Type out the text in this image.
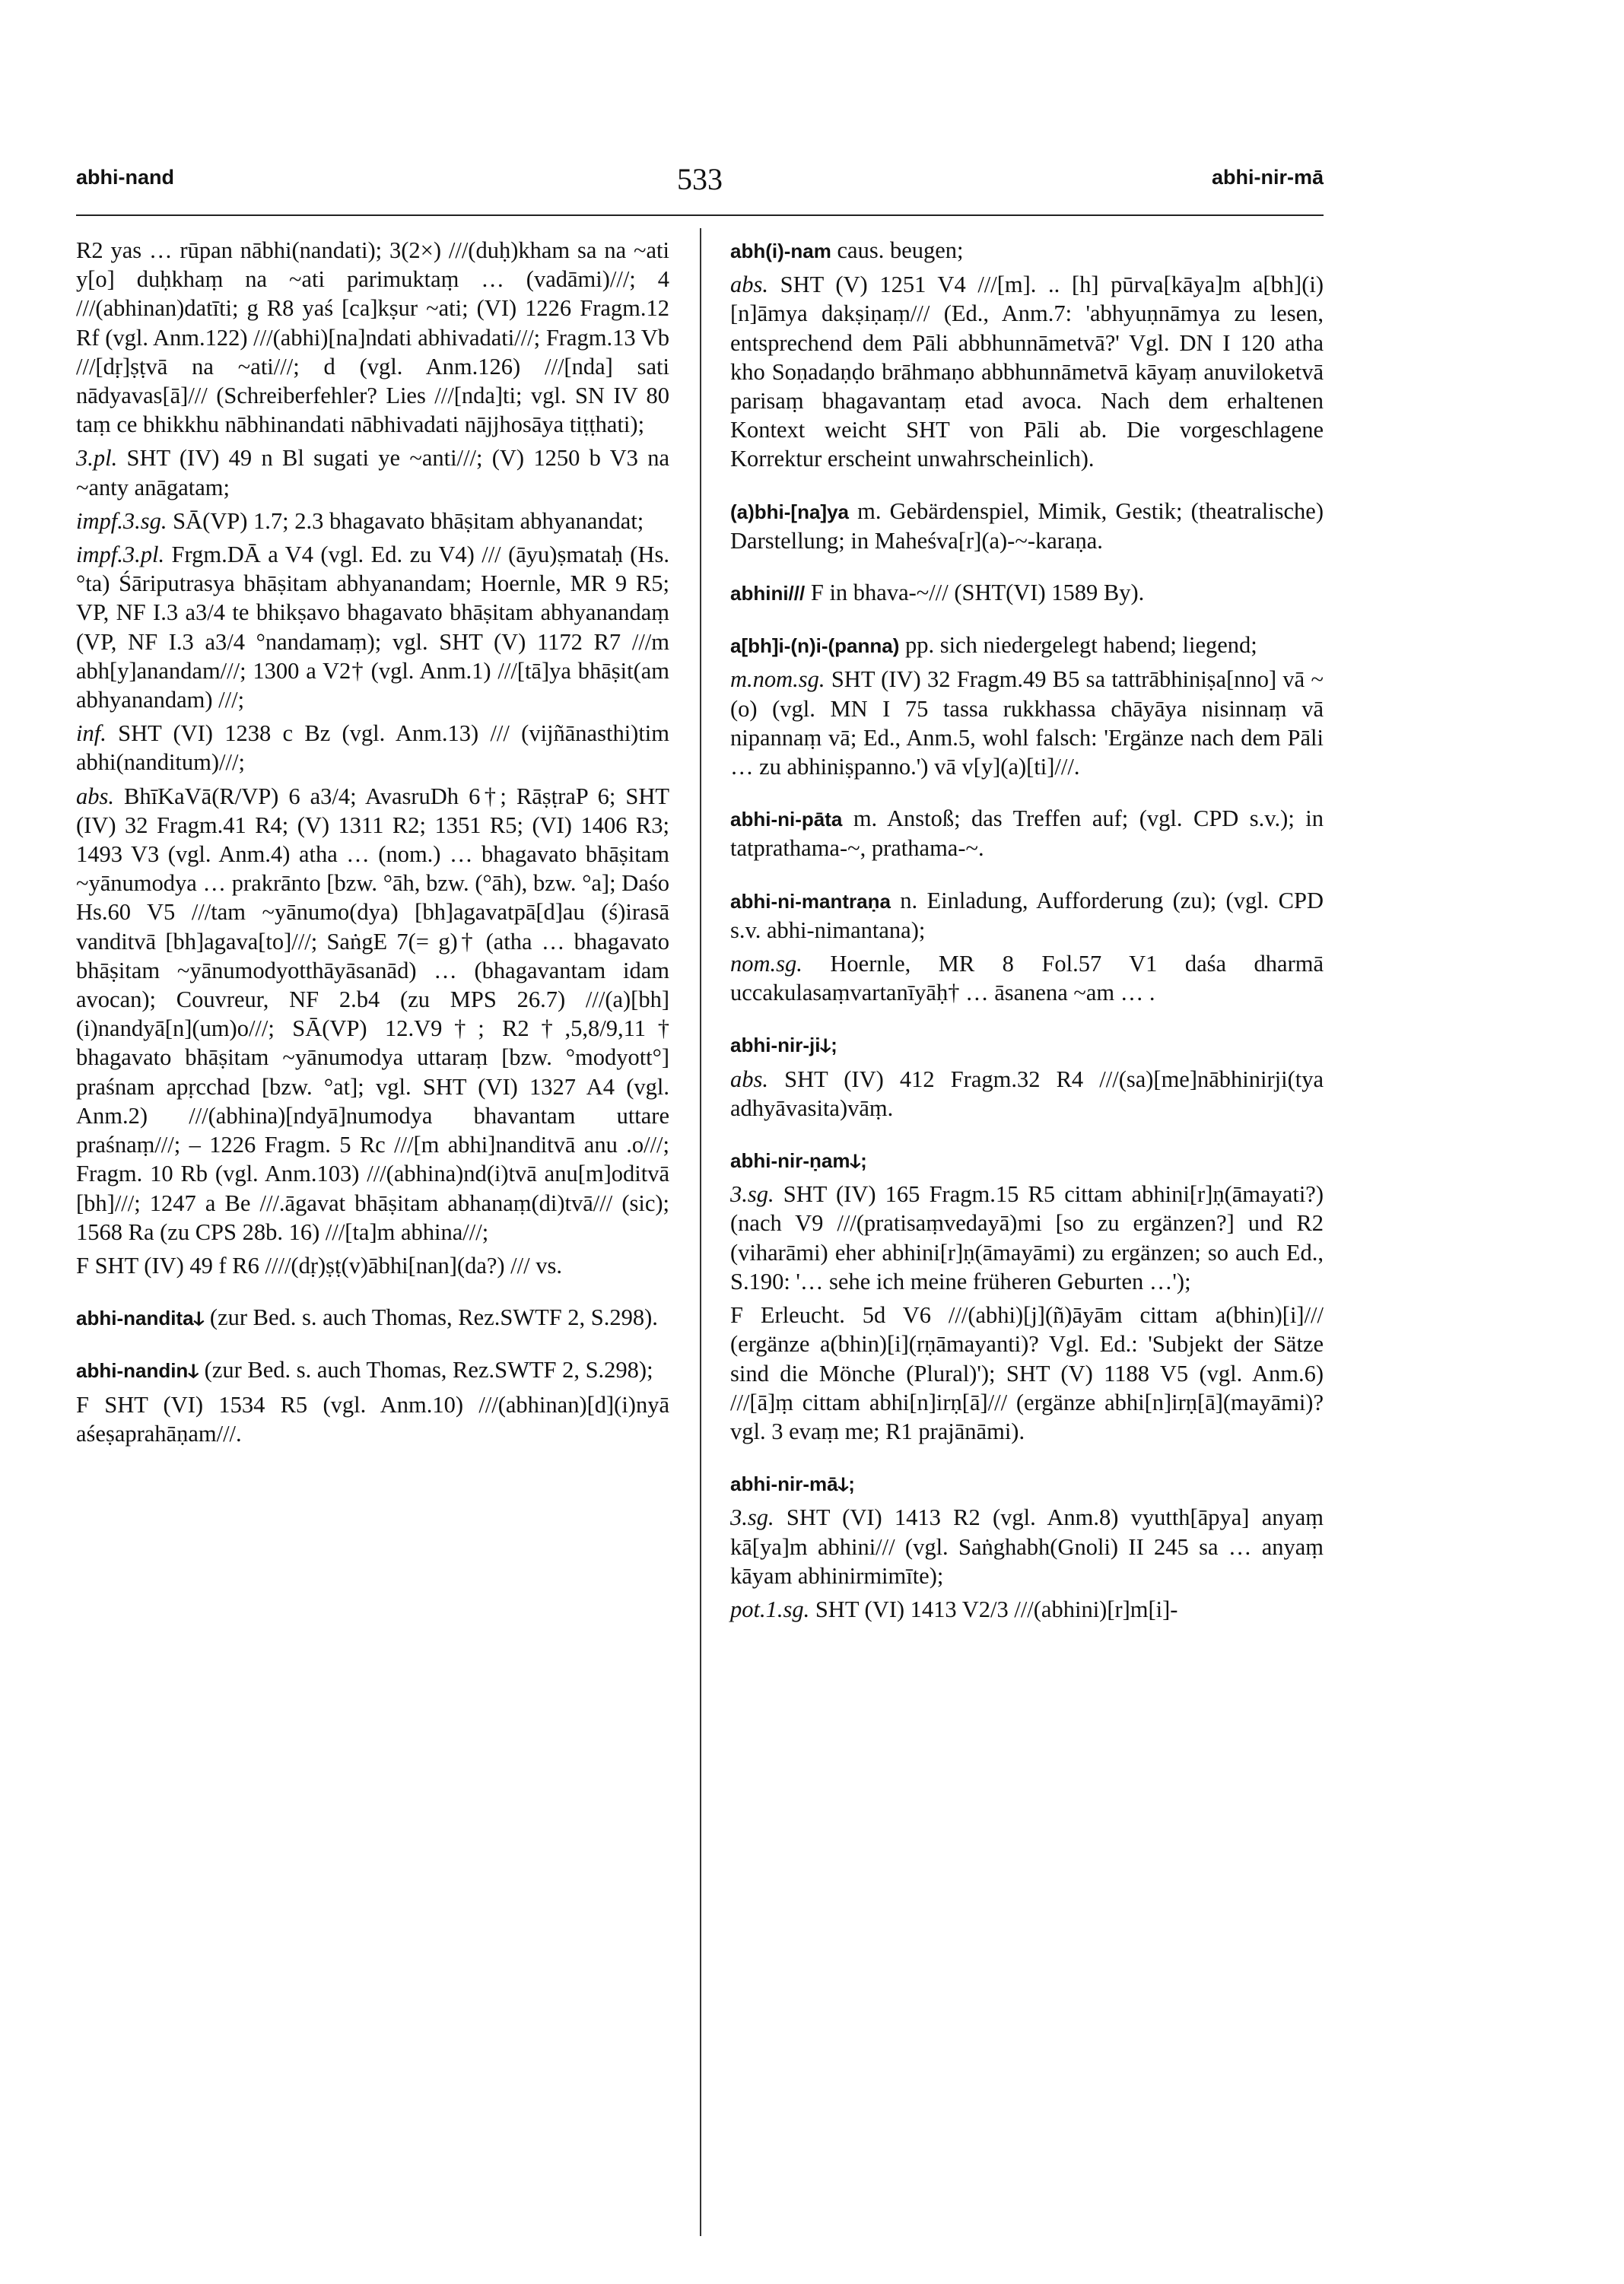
abhi-nand	533	abhi-nir-mā

R2 yas … rūpan nābhi(nandati); 3(2×) ///(duḥ)kham sa na ~ati y[o] duḥkhaṃ na ~ati parimuktaṃ … (vadāmi)///; 4 ///(abhinan)datīti; g R8 yaś [ca]kṣur ~ati; (VI) 1226 Fragm.12 Rf (vgl. Anm.122) ///(abhi)[na]ndati abhivadati///; Fragm.13 Vb ///[dṛ]ṣṭvā na ~ati///; d (vgl. Anm.126) ///[nda] sati nādyavas[ā]/// (Schreiberfehler? Lies ///[nda]ti; vgl. SN IV 80 taṃ ce bhikkhu nābhinandati nābhivadati nājjhosāya tiṭṭhati);

3.pl. SHT (IV) 49 n Bl sugati ye ~anti///; (V) 1250 b V3 na ~anty anāgatam;

impf.3.sg. SĀ(VP) 1.7; 2.3 bhagavato bhāṣitam abhyanandat;

impf.3.pl. Frgm.DĀ a V4 (vgl. Ed. zu V4) /// (āyu)ṣmataḥ (Hs. °ta) Śāriputrasya bhāṣitam abhyanandam; Hoernle, MR 9 R5; VP, NF I.3 a3/4 te bhikṣavo bhagavato bhāṣitam abhyanandaṃ (VP, NF I.3 a3/4 °nandamaṃ); vgl. SHT (V) 1172 R7 ///m abh[y]anandam///; 1300 a V2† (vgl. Anm.1) ///[tā]ya bhāṣit(am abhyanandam) ///;

inf. SHT (VI) 1238 c Bz (vgl. Anm.13) /// (vijñānasthi)tim abhi(nanditum)///;

abs. BhīKaVā(R/VP) 6 a3/4; AvasruDh 6†; RāṣṭraP 6; SHT (IV) 32 Fragm.41 R4; (V) 1311 R2; 1351 R5; (VI) 1406 R3; 1493 V3 (vgl. Anm.4) atha … (nom.) … bhagavato bhāṣitam ~yānumodya … prakrānto [bzw. °āh, bzw. (°āh), bzw. °a]; Daśo Hs.60 V5 ///tam ~yānumo(dya) [bh]agavatpā[d]au (ś)irasā vanditvā [bh]agava[to]///; SaṅgE 7(= g)† (atha … bhagavato bhāṣitam ~yānumodyotthāyāsanād) … (bhagavantam idam avocan); Couvreur, NF 2.b4 (zu MPS 26.7) ///(a)[bh](i)nandyā[n](um)o///; SĀ(VP) 12.V9†; R2†,5,8/9,11† bhagavato bhāṣitam ~yānumodya uttaraṃ [bzw. °modyott°] praśnam apṛcchad [bzw. °at]; vgl. SHT (VI) 1327 A4 (vgl. Anm.2) ///(abhina)[ndyā]numodya bhavantam uttare praśnaṃ///; – 1226 Fragm. 5 Rc ///[m abhi]nanditvā anu .o///; Fragm. 10 Rb (vgl. Anm.103) ///(abhina)nd(i)tvā anu[m]oditvā [bh]///; 1247 a Be ///.āgavat bhāṣitam abhanaṃ(di)tvā/// (sic); 1568 Ra (zu CPS 28b. 16) ///[ta]m abhina///;

F SHT (IV) 49 f R6 ////(dṛ)ṣṭ(v)ābhi[nan](da?) /// vs.

abhi-nanditaↆ (zur Bed. s. auch Thomas, Rez.SWTF 2, S.298).

abhi-nandinↆ (zur Bed. s. auch Thomas, Rez.SWTF 2, S.298);

F SHT (VI) 1534 R5 (vgl. Anm.10) ///(abhinan)[d](i)nyā aśeṣaprahāṇam///.

abh(i)-nam caus. beugen;

abs. SHT (V) 1251 V4 ///[m]. .. [h] pūrva[kāya]m a[bh](i)[n]āmya dakṣiṇaṃ/// (Ed., Anm.7: 'abhyuṇnāmya zu lesen, entsprechend dem Pāli abbhunnāmetvā?' Vgl. DN I 120 atha kho Soṇadaṇḍo brāhmaṇo abbhunnāmetvā kāyaṃ anuviloketvā parisaṃ bhagavantaṃ etad avoca. Nach dem erhaltenen Kontext weicht SHT von Pāli ab. Die vorgeschlagene Korrektur erscheint unwahrscheinlich).

(a)bhi-[na]ya m. Gebärdenspiel, Mimik, Gestik; (theatralische) Darstellung; in Maheśva[r](a)-~-karaṇa.

abhini/// F in bhava-~/// (SHT(VI) 1589 By).

a[bh]i-(n)i-(panna) pp. sich niedergelegt habend; liegend;

m.nom.sg. SHT (IV) 32 Fragm.49 B5 sa tattrābhiniṣa[nno] vā ~(o) (vgl. MN I 75 tassa rukkhassa chāyāya nisinnaṃ vā nipannaṃ vā; Ed., Anm.5, wohl falsch: 'Ergänze nach dem Pāli … zu abhiniṣpanno.') vā v[y](a)[ti]///.

abhi-ni-pāta m. Anstoß; das Treffen auf; (vgl. CPD s.v.); in tatprathama-~, prathama-~.

abhi-ni-mantraṇa n. Einladung, Aufforderung (zu); (vgl. CPD s.v. abhi-nimantana);

nom.sg. Hoernle, MR 8 Fol.57 V1 daśa dharmā uccakulasaṃvartanīyāḥ† … āsanena ~am … .

abhi-nir-jiↆ;

abs. SHT (IV) 412 Fragm.32 R4 ///(sa)[me]nābhinirji(tya adhyāvasita)vāṃ.

abhi-nir-ṇamↆ;

3.sg. SHT (IV) 165 Fragm.15 R5 cittam abhini[r]ṇ(āmayati?) (nach V9 ///(pratisaṃvedayā)mi [so zu ergänzen?] und R2 (viharāmi) eher abhini[r]ṇ(āmayāmi) zu ergänzen; so auch Ed., S.190: '… sehe ich meine früheren Geburten …');

F Erleucht. 5d V6 ///(abhi)[j](ñ)āyām cittam a(bhin)[i]/// (ergänze a(bhin)[i](rṇāmayanti)? Vgl. Ed.: 'Subjekt der Sätze sind die Mönche (Plural)'); SHT (V) 1188 V5 (vgl. Anm.6) ///[ā]ṃ cittam abhi[n]irṇ[ā]/// (ergänze abhi[n]irṇ[ā](mayāmi)? vgl. 3 evaṃ me; R1 prajānāmi).

abhi-nir-māↆ;

3.sg. SHT (VI) 1413 R2 (vgl. Anm.8) vyutth[āpya] anyaṃ kā[ya]m abhini/// (vgl. Saṅghabh(Gnoli) II 245 sa … anyaṃ kāyam abhinirmimīte);

pot.1.sg. SHT (VI) 1413 V2/3 ///(abhini)[r]m[i]-
